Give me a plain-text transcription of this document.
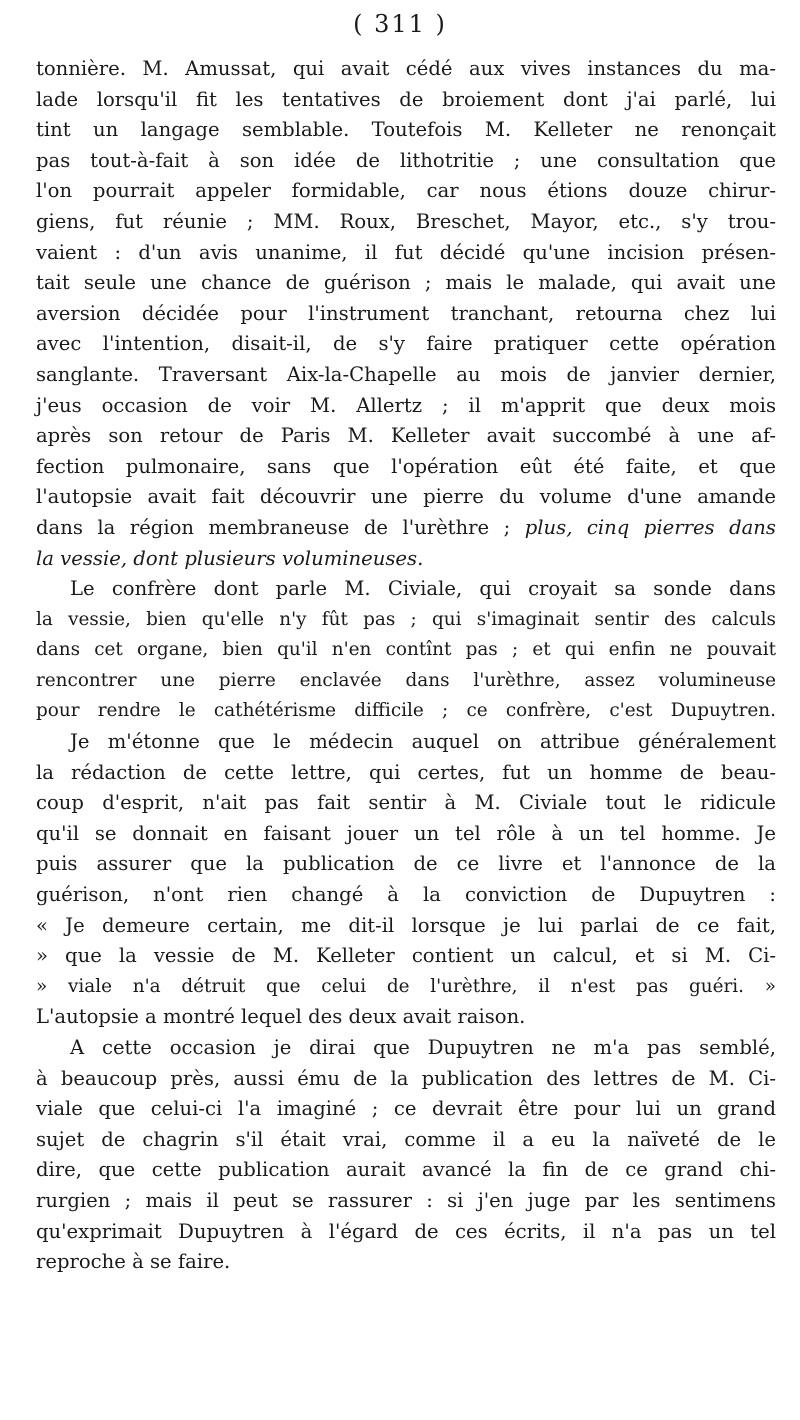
( 311 )
tonnière. M. Amussat, qui avait cédé aux vives instances du ma-
lade lorsqu'il fit les tentatives de broiement dont j'ai parlé, lui
tint un langage semblable. Toutefois M. Kelleter ne renonçait
pas tout-à-fait à son idée de lithotritie ; une consultation que
l'on pourrait appeler formidable, car nous étions douze chirur-
giens, fut réunie ; MM. Roux, Breschet, Mayor, etc., s'y trou-
vaient : d'un avis unanime, il fut décidé qu'une incision présen-
tait seule une chance de guérison ; mais le malade, qui avait une
aversion décidée pour l'instrument tranchant, retourna chez lui
avec l'intention, disait-il, de s'y faire pratiquer cette opération
sanglante. Traversant Aix-la-Chapelle au mois de janvier dernier,
j'eus occasion de voir M. Allertz ; il m'apprit que deux mois
après son retour de Paris M. Kelleter avait succombé à une af-
fection pulmonaire, sans que l'opération eût été faite, et que
l'autopsie avait fait découvrir une pierre du volume d'une amande
dans la région membraneuse de l'urèthre ; plus, cinq pierres dans
la vessie, dont plusieurs volumineuses.
Le confrère dont parle M. Civiale, qui croyait sa sonde dans
la vessie, bien qu'elle n'y fût pas ; qui s'imaginait sentir des calculs
dans cet organe, bien qu'il n'en contînt pas ; et qui enfin ne pouvait
rencontrer une pierre enclavée dans l'urèthre, assez volumineuse
pour rendre le cathétérisme difficile ; ce confrère, c'est Dupuytren.
Je m'étonne que le médecin auquel on attribue généralement
la rédaction de cette lettre, qui certes, fut un homme de beau-
coup d'esprit, n'ait pas fait sentir à M. Civiale tout le ridicule
qu'il se donnait en faisant jouer un tel rôle à un tel homme. Je
puis assurer que la publication de ce livre et l'annonce de la
guérison, n'ont rien changé à la conviction de Dupuytren :
« Je demeure certain, me dit-il lorsque je lui parlai de ce fait,
» que la vessie de M. Kelleter contient un calcul, et si M. Ci-
» viale n'a détruit que celui de l'urèthre, il n'est pas guéri. »
L'autopsie a montré lequel des deux avait raison.
A cette occasion je dirai que Dupuytren ne m'a pas semblé,
à beaucoup près, aussi ému de la publication des lettres de M. Ci-
viale que celui-ci l'a imaginé ; ce devrait être pour lui un grand
sujet de chagrin s'il était vrai, comme il a eu la naïveté de le
dire, que cette publication aurait avancé la fin de ce grand chi-
rurgien ; mais il peut se rassurer : si j'en juge par les sentimens
qu'exprimait Dupuytren à l'égard de ces écrits, il n'a pas un tel
reproche à se faire.
